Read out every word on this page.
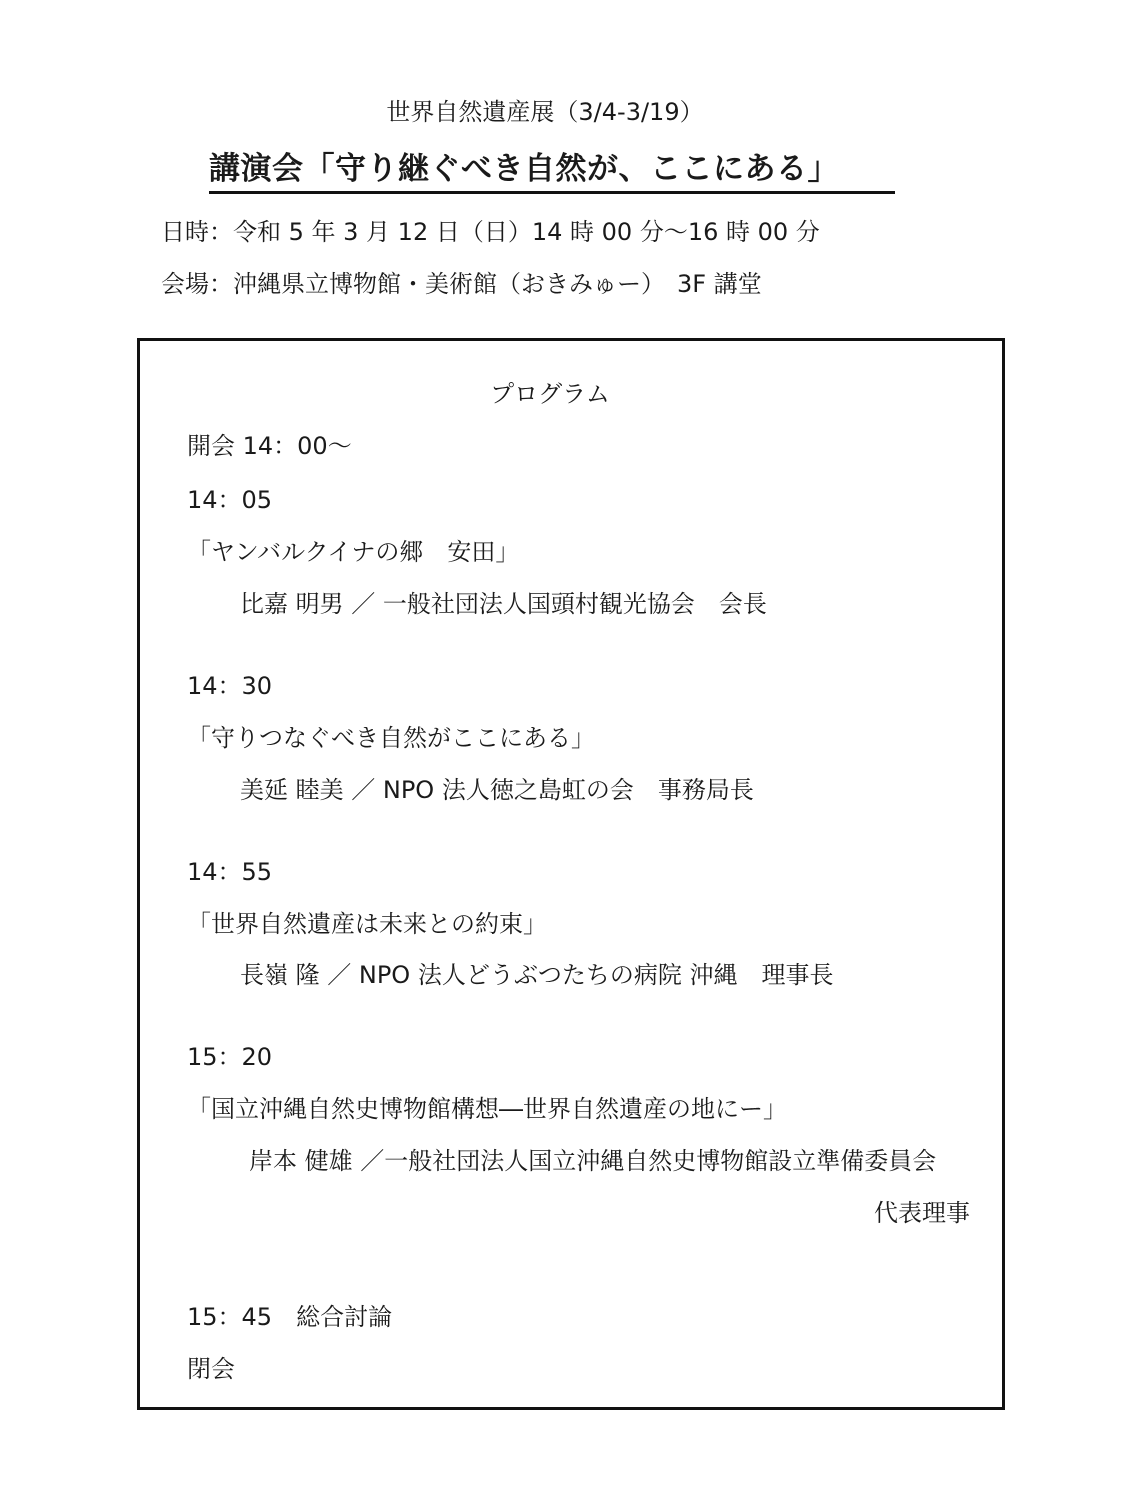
世界自然遺産展（3/4-3/19）
講演会「守り継ぐべき自然が、ここにある」
日時：令和 5 年 3 月 12 日（日）14 時 00 分～16 時 00 分
会場：沖縄県立博物館・美術館（おきみゅー）　3F 講堂
プログラム
開会 14：00～
14：05
「ヤンバルクイナの郷　安田」
比嘉 明男 ／ 一般社団法人国頭村観光協会　会長
14：30
「守りつなぐべき自然がここにある」
美延 睦美 ／ NPO 法人徳之島虹の会　事務局長
14：55
「世界自然遺産は未来との約束」
長嶺 隆 ／ NPO 法人どうぶつたちの病院 沖縄　理事長
15：20
「国立沖縄自然史博物館構想―世界自然遺産の地にー」
岸本 健雄 ／一般社団法人国立沖縄自然史博物館設立準備委員会
代表理事
15：45　総合討論
閉会
